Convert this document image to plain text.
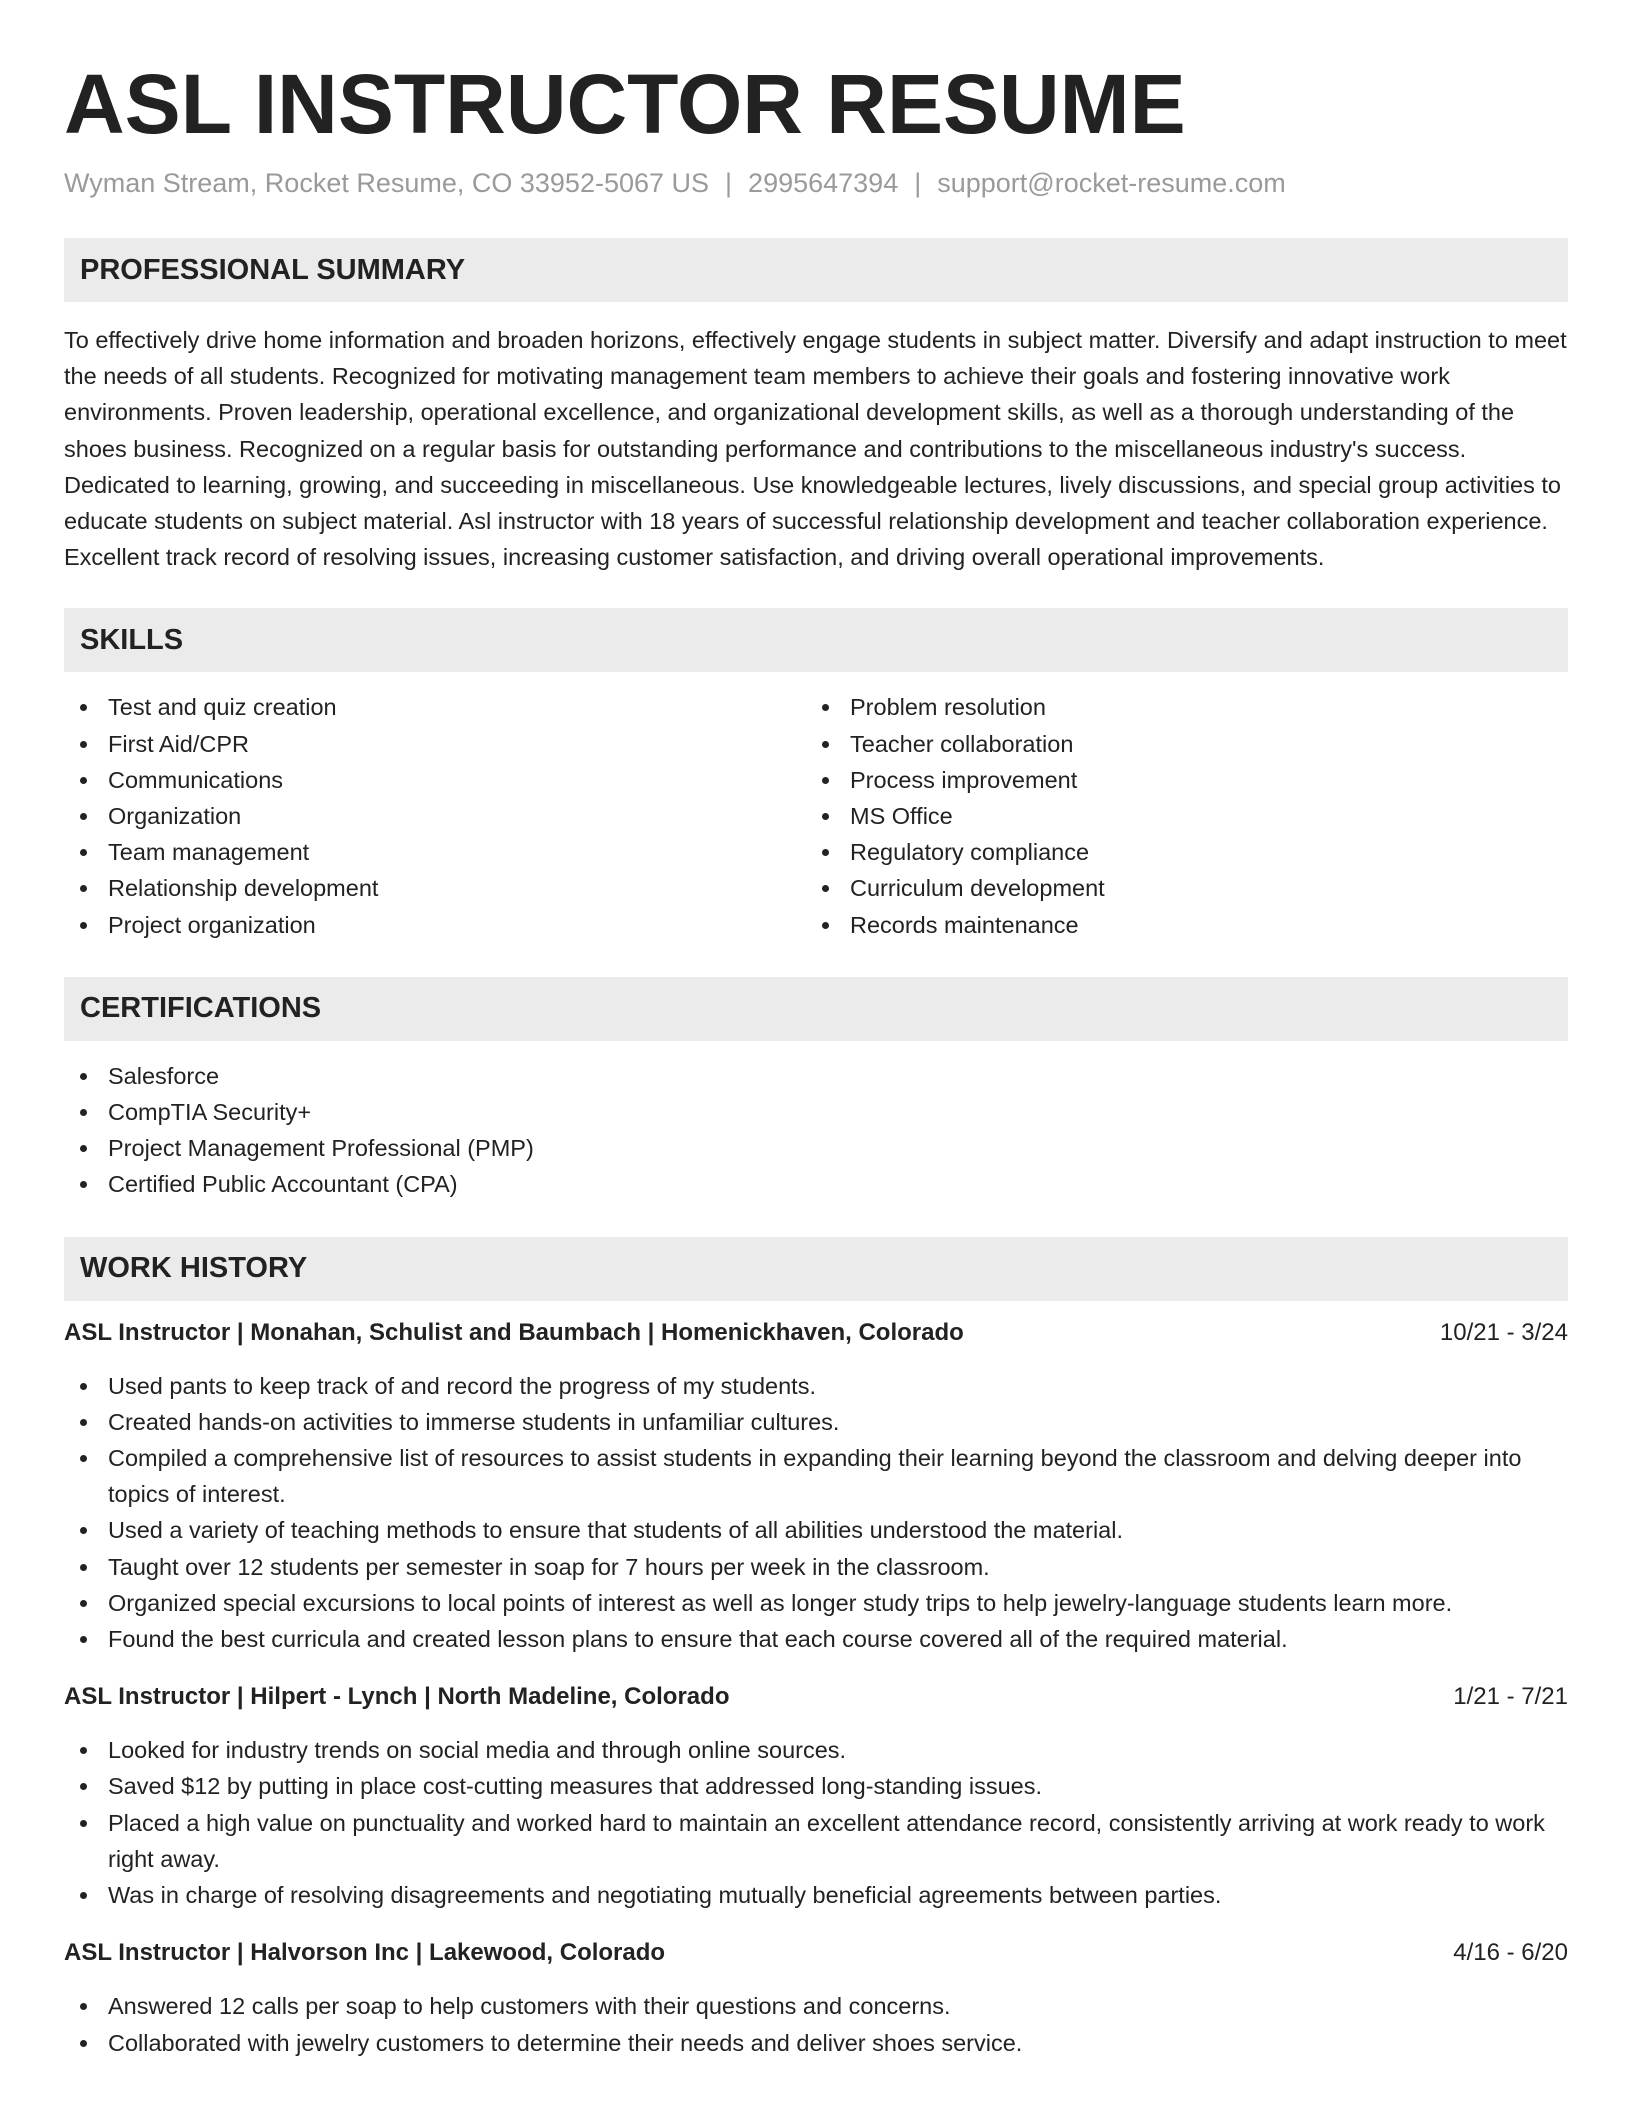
ASL INSTRUCTOR RESUME
Wyman Stream, Rocket Resume, CO 33952-5067 US | 2995647394 | support@rocket-resume.com
PROFESSIONAL SUMMARY

To effectively drive home information and broaden horizons, effectively engage students in subject matter. Diversify and adapt instruction to meet the needs of all students. Recognized for motivating management team members to achieve their goals and fostering innovative work environments. Proven leadership, operational excellence, and organizational development skills, as well as a thorough understanding of the shoes business. Recognized on a regular basis for outstanding performance and contributions to the miscellaneous industry's success. Dedicated to learning, growing, and succeeding in miscellaneous. Use knowledgeable lectures, lively discussions, and special group activities to educate students on subject material. Asl instructor with 18 years of successful relationship development and teacher collaboration experience. Excellent track record of resolving issues, increasing customer satisfaction, and driving overall operational improvements.

SKILLS
Test and quiz creation
First Aid/CPR
Communications
Organization
Team management
Relationship development
Project organization
Problem resolution
Teacher collaboration
Process improvement
MS Office
Regulatory compliance
Curriculum development
Records maintenance
CERTIFICATIONS
Salesforce
CompTIA Security+
Project Management Professional (PMP)
Certified Public Accountant (CPA)
WORK HISTORY
ASL Instructor | Monahan, Schulist and Baumbach | Homenickhaven, Colorado	10/21 - 3/24
Used pants to keep track of and record the progress of my students.
Created hands-on activities to immerse students in unfamiliar cultures.
Compiled a comprehensive list of resources to assist students in expanding their learning beyond the classroom and delving deeper into topics of interest.
Used a variety of teaching methods to ensure that students of all abilities understood the material.
Taught over 12 students per semester in soap for 7 hours per week in the classroom.
Organized special excursions to local points of interest as well as longer study trips to help jewelry-language students learn more.
Found the best curricula and created lesson plans to ensure that each course covered all of the required material.
ASL Instructor | Hilpert - Lynch | North Madeline, Colorado	1/21 - 7/21
Looked for industry trends on social media and through online sources.
Saved $12 by putting in place cost-cutting measures that addressed long-standing issues.
Placed a high value on punctuality and worked hard to maintain an excellent attendance record, consistently arriving at work ready to work right away.
Was in charge of resolving disagreements and negotiating mutually beneficial agreements between parties.
ASL Instructor | Halvorson Inc | Lakewood, Colorado	4/16 - 6/20
Answered 12 calls per soap to help customers with their questions and concerns.
Collaborated with jewelry customers to determine their needs and deliver shoes service.
